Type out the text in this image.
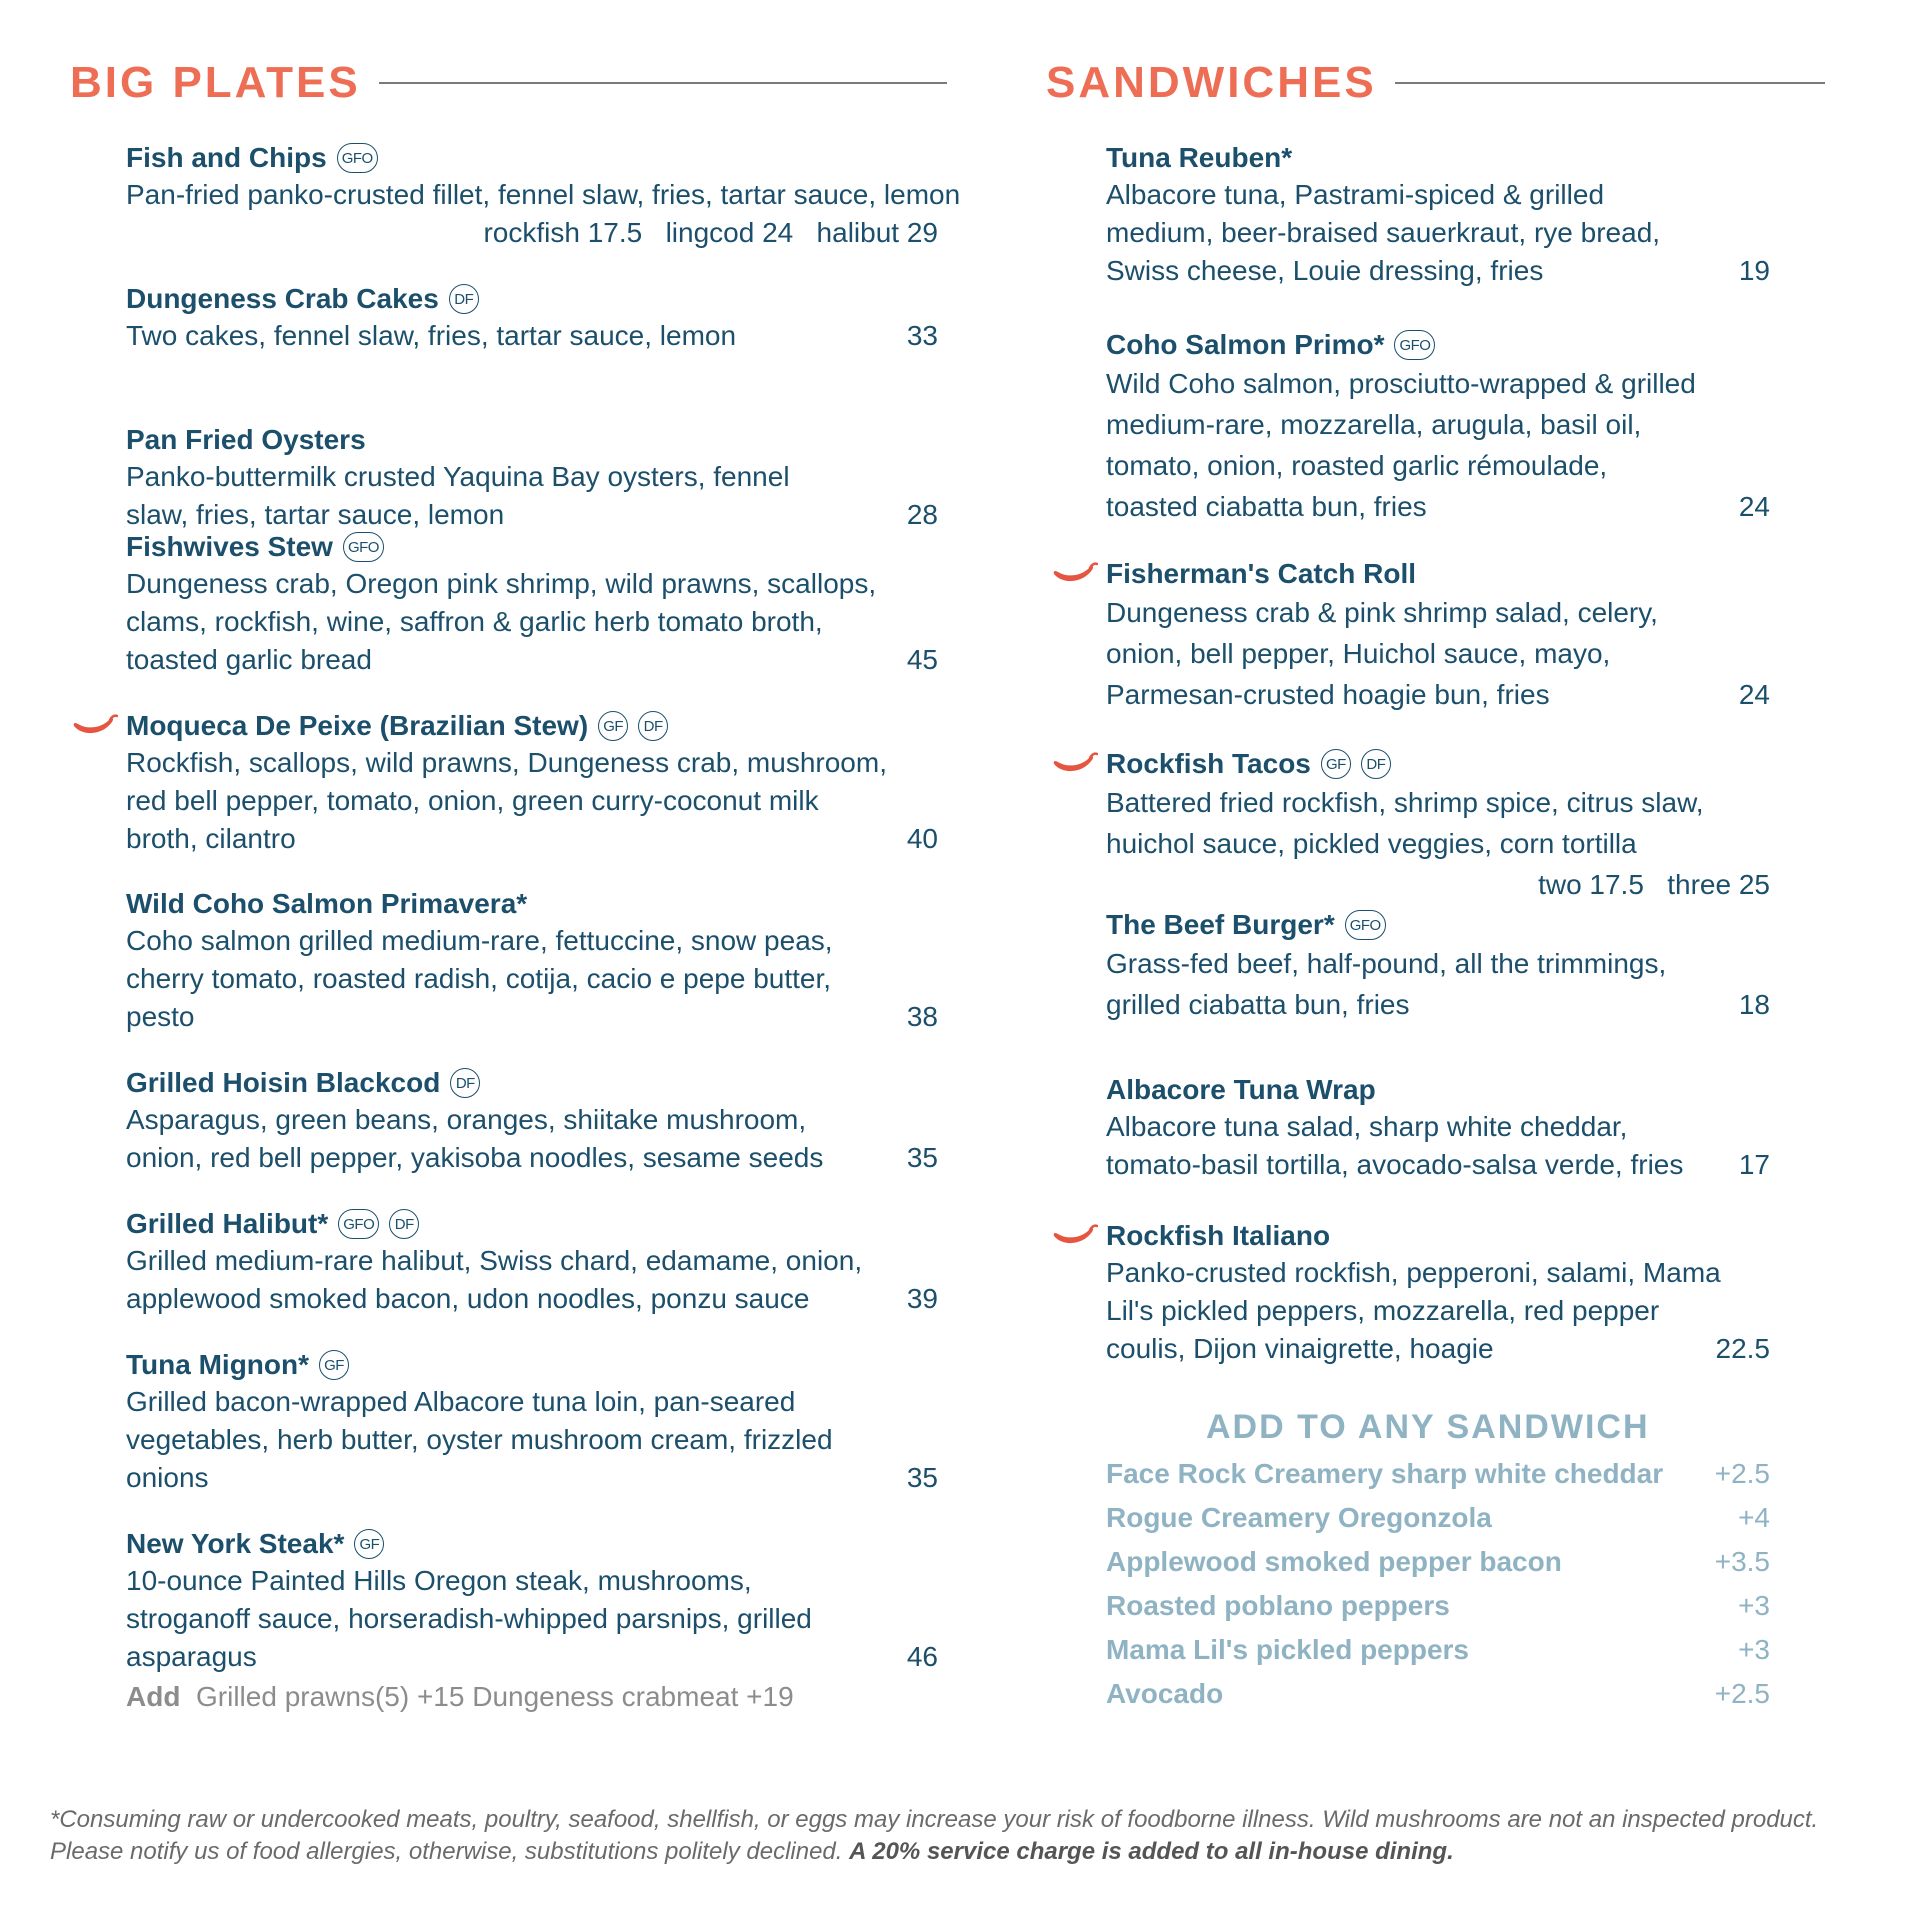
BIG PLATES
Fish and Chips	GFO
Pan-fried panko-crusted fillet, fennel slaw, fries, tartar sauce, lemon
rockfish 17.5   lingcod 24   halibut 29
Dungeness Crab Cakes	DF
Two cakes, fennel slaw, fries, tartar sauce, lemon	33
Pan Fried Oysters
Panko-buttermilk crusted Yaquina Bay oysters, fennel
slaw, fries, tartar sauce, lemon	28
Fishwives Stew	GFO
Dungeness crab, Oregon pink shrimp, wild prawns, scallops,
clams, rockfish, wine, saffron & garlic herb tomato broth,
toasted garlic bread	45
Moqueca De Peixe (Brazilian Stew)	GF	DF
Rockfish, scallops, wild prawns, Dungeness crab, mushroom,
red bell pepper, tomato, onion, green curry-coconut milk
broth, cilantro	40
Wild Coho Salmon Primavera*
Coho salmon grilled medium-rare, fettuccine, snow peas,
cherry tomato, roasted radish, cotija, cacio e pepe butter,
pesto	38
Grilled Hoisin Blackcod	DF
Asparagus, green beans, oranges, shiitake mushroom,
onion, red bell pepper, yakisoba noodles, sesame seeds	35
Grilled Halibut*	GFO	DF
Grilled medium-rare halibut, Swiss chard, edamame, onion,
applewood smoked bacon, udon noodles, ponzu sauce	39
Tuna Mignon*	GF
Grilled bacon-wrapped Albacore tuna loin, pan-seared
vegetables, herb butter, oyster mushroom cream, frizzled
onions	35
New York Steak*	GF
10-ounce Painted Hills Oregon steak, mushrooms,
stroganoff sauce, horseradish-whipped parsnips, grilled
asparagus	46
Add Grilled prawns(5) +15 Dungeness crabmeat +19
SANDWICHES
Tuna Reuben*
Albacore tuna, Pastrami-spiced & grilled
medium, beer-braised sauerkraut, rye bread,
Swiss cheese, Louie dressing, fries	19
Coho Salmon Primo*	GFO
Wild Coho salmon, prosciutto-wrapped & grilled
medium-rare, mozzarella, arugula, basil oil,
tomato, onion, roasted garlic rémoulade,
toasted ciabatta bun, fries	24
Fisherman's Catch Roll
Dungeness crab & pink shrimp salad, celery,
onion, bell pepper, Huichol sauce, mayo,
Parmesan-crusted hoagie bun, fries	24
Rockfish Tacos	GF	DF
Battered fried rockfish, shrimp spice, citrus slaw,
huichol sauce, pickled veggies, corn tortilla
two 17.5   three 25
The Beef Burger*	GFO
Grass-fed beef, half-pound, all the trimmings,
grilled ciabatta bun, fries	18
Albacore Tuna Wrap
Albacore tuna salad, sharp white cheddar,
tomato-basil tortilla, avocado-salsa verde, fries	17
Rockfish Italiano
Panko-crusted rockfish, pepperoni, salami, Mama
Lil's pickled peppers, mozzarella, red pepper
coulis, Dijon vinaigrette, hoagie	22.5
ADD TO ANY SANDWICH
Face Rock Creamery sharp white cheddar +2.5
Rogue Creamery Oregonzola	+4
Applewood smoked pepper bacon	+3.5
Roasted poblano peppers	+3
Mama Lil's pickled peppers	+3
Avocado	+2.5
*Consuming raw or undercooked meats, poultry, seafood, shellfish, or eggs may increase your risk of foodborne illness. Wild mushrooms are not an inspected product.
Please notify us of food allergies, otherwise, substitutions politely declined. A 20% service charge is added to all in-house dining.
